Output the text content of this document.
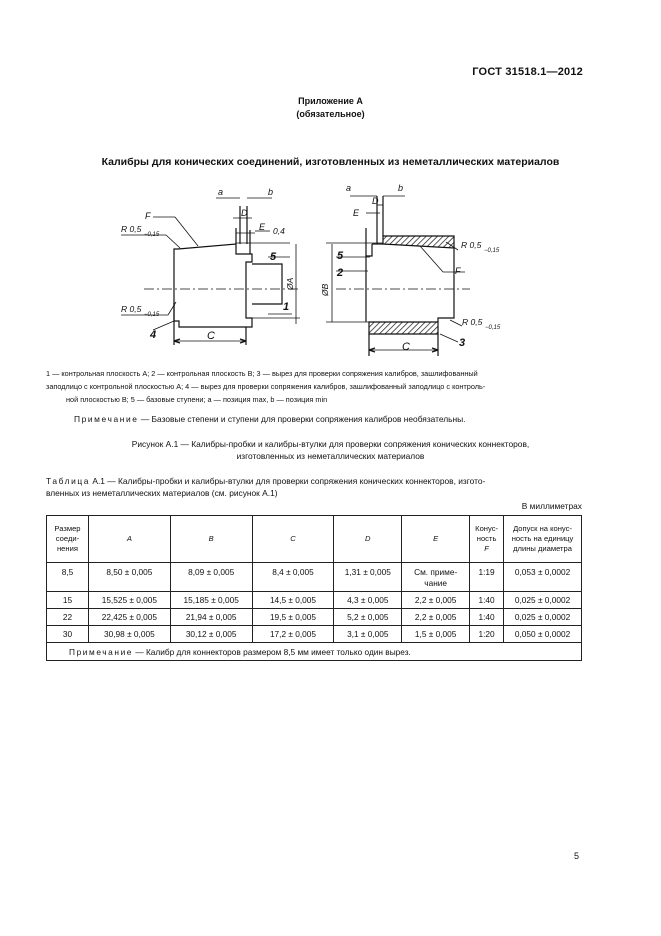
ГОСТ 31518.1—2012
Приложение А
(обязательное)
Калибры для конических соединений, изготовленных из неметаллических материалов
F
a	b
D
E 0,4
R 0,5
−0,15
R 0,5
−0,15
5
1
4	C
ØA
a	b
D
E
5
2	F
ØB
R 0,5
−0,15
R 0,5
−0,15
3
C
1 — контрольная плоскость A; 2 — контрольная плоскость B; 3 — вырез для проверки сопряжения калибров, зашлифованный
заподлицо с контрольной плоскостью A; 4 — вырез для проверки сопряжения калибров, зашлифованный заподлицо с контроль-
ной плоскостью B; 5 — базовые ступени; a — позиция max, b — позиция min
Примечание — Базовые степени и ступени для проверки сопряжения калибров необязательны.
Рисунок А.1 — Калибры-пробки и калибры-втулки для проверки сопряжения конических коннекторов,
изготовленных из неметаллических материалов
Таблица А.1 — Калибры-пробки и калибры-втулки для проверки сопряжения конических коннекторов, изгото-
вленных из неметаллических материалов (см. рисунок А.1)
В миллиметрах
Размер
соеди-
нения	A	B	C	D	E	Конус-
ность
F	Допуск на конус-
ность на единицу
длины диаметра
8,5	8,50 ± 0,005	8,09 ± 0,005	8,4 ± 0,005	1,31 ± 0,005	См. приме-
чание	1:19	0,053 ± 0,0002
15	15,525 ± 0,005	15,185 ± 0,005	14,5 ± 0,005	4,3 ± 0,005	2,2 ± 0,005	1:40	0,025 ± 0,0002
22	22,425 ± 0,005	21,94 ± 0,005	19,5 ± 0,005	5,2 ± 0,005	2,2 ± 0,005	1:40	0,025 ± 0,0002
30	30,98 ± 0,005	30,12 ± 0,005	17,2 ± 0,005	3,1 ± 0,005	1,5 ± 0,005	1:20	0,050 ± 0,0002
Примечание — Калибр для коннекторов размером 8,5 мм имеет только один вырез.							
5
